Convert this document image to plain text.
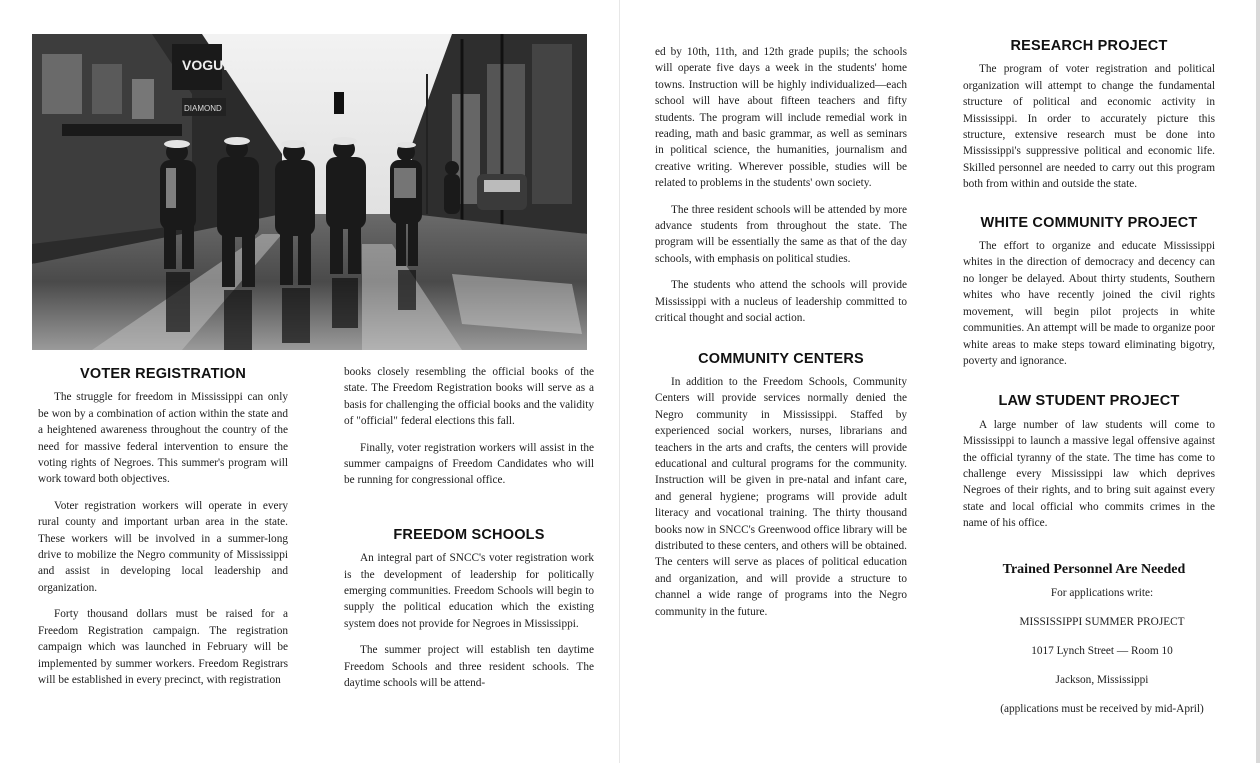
VOGUE
DIAMOND
VOTER REGISTRATION

The struggle for freedom in Mississippi can only be won by a combination of action within the state and a heightened awareness throughout the country of the need for massive federal intervention to ensure the voting rights of Negroes. This summer's program will work toward both objectives.

Voter registration workers will operate in every rural county and important urban area in the state. These workers will be involved in a summer-long drive to mobilize the Negro community of Mississippi and assist in developing local leadership and organization.

Forty thousand dollars must be raised for a Freedom Registration campaign. The registration campaign which was launched in February will be implemented by summer workers. Freedom Registrars will be established in every precinct, with registration

books closely resembling the official books of the state. The Freedom Registration books will serve as a basis for challenging the official books and the validity of "official" federal elections this fall.

Finally, voter registration workers will assist in the summer campaigns of Freedom Candidates who will be running for congressional office.

FREEDOM SCHOOLS

An integral part of SNCC's voter registration work is the development of leadership for politically emerging communities. Freedom Schools will begin to supply the political education which the existing system does not provide for Negroes in Mississippi.

The summer project will establish ten daytime Freedom Schools and three resident schools. The daytime schools will be attend-

ed by 10th, 11th, and 12th grade pupils; the schools will operate five days a week in the students' home towns. Instruction will be highly individualized—each school will have about fifteen teachers and fifty students. The program will include remedial work in reading, math and basic grammar, as well as seminars in political science, the humanities, journalism and creative writing. Wherever possible, studies will be related to problems in the students' own society.

The three resident schools will be attended by more advance students from throughout the state. The program will be essentially the same as that of the day schools, with emphasis on political studies.

The students who attend the schools will provide Mississippi with a nucleus of leadership committed to critical thought and social action.

COMMUNITY CENTERS

In addition to the Freedom Schools, Community Centers will provide services normally denied the Negro community in Mississippi. Staffed by experienced social workers, nurses, librarians and teachers in the arts and crafts, the centers will provide educational and cultural programs for the community. Instruction will be given in pre-natal and infant care, and general hygiene; programs will provide adult literacy and vocational training. The thirty thousand books now in SNCC's Greenwood office library will be distributed to these centers, and others will be obtained. The centers will serve as places of political education and organization, and will provide a structure to channel a wide range of programs into the Negro community in the future.

RESEARCH PROJECT

The program of voter registration and political organization will attempt to change the fundamental structure of political and economic activity in Mississippi. In order to accurately picture this structure, extensive research must be done into Mississippi's suppressive political and economic life. Skilled personnel are needed to carry out this program both from within and outside the state.

WHITE COMMUNITY PROJECT

The effort to organize and educate Mississippi whites in the direction of democracy and decency can no longer be delayed. About thirty students, Southern whites who have recently joined the civil rights movement, will begin pilot projects in white communities. An attempt will be made to organize poor white areas to make steps toward eliminating bigotry, poverty and ignorance.

LAW STUDENT PROJECT

A large number of law students will come to Mississippi to launch a massive legal offensive against the official tyranny of the state. The time has come to challenge every Mississippi law which deprives Negroes of their rights, and to bring suit against every state and local official who commits crimes in the name of his office.

Trained Personnel Are Needed

For applications write:

MISSISSIPPI SUMMER PROJECT

1017 Lynch Street — Room 10

Jackson, Mississippi

(applications must be received by mid-April)
